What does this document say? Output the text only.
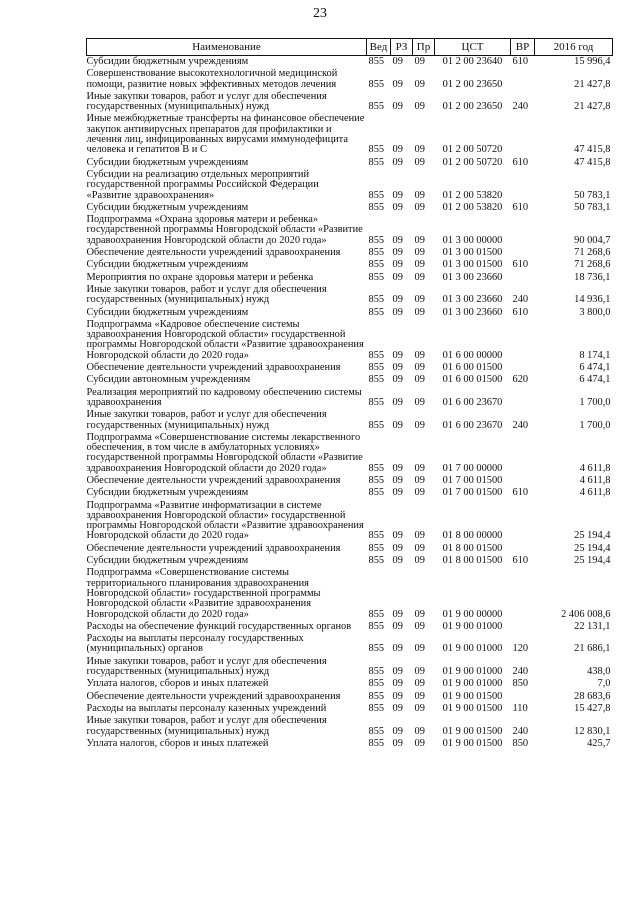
23
Наименование	Вед	РЗ	Пр	ЦСТ	ВР	2016 год
Субсидии бюджетным учреждениям	855	09	09	01 2 00 23640	610	15 996,4
Совершенствование высокотехнологичной медицинской помощи, развитие новых эффективных методов лечения	855	09	09	01 2 00 23650		21 427,8
Иные закупки товаров, работ и услуг для обеспечения государственных (муниципальных) нужд	855	09	09	01 2 00 23650	240	21 427,8
Иные межбюджетные трансферты на финансовое обеспечение закупок антивирусных препаратов для профилактики и лечения лиц, инфицированных вирусами иммунодефицита человека и гепатитов В и С	855	09	09	01 2 00 50720		47 415,8
Субсидии бюджетным учреждениям	855	09	09	01 2 00 50720	610	47 415,8
Субсидии на реализацию отдельных мероприятий государственной программы Российской Федерации «Развитие здравоохранения»	855	09	09	01 2 00 53820		50 783,1
Субсидии бюджетным учреждениям	855	09	09	01 2 00 53820	610	50 783,1
Подпрограмма «Охрана здоровья матери и ребенка» государственной программы Новгородской области «Развитие здравоохранения Новгородской области до 2020 года»	855	09	09	01 3 00 00000		90 004,7
Обеспечение деятельности учреждений здравоохранения	855	09	09	01 3 00 01500		71 268,6
Субсидии бюджетным учреждениям	855	09	09	01 3 00 01500	610	71 268,6
Мероприятия по охране здоровья матери и ребенка	855	09	09	01 3 00 23660		18 736,1
Иные закупки товаров, работ и услуг для обеспечения государственных (муниципальных) нужд	855	09	09	01 3 00 23660	240	14 936,1
Субсидии бюджетным учреждениям	855	09	09	01 3 00 23660	610	3 800,0
Подпрограмма «Кадровое обеспечение системы здравоохранения Новгородской области» государственной программы Новгородской области «Развитие здравоохранения Новгородской области до 2020 года»	855	09	09	01 6 00 00000		8 174,1
Обеспечение деятельности учреждений здравоохранения	855	09	09	01 6 00 01500		6 474,1
Субсидии автономным учреждениям	855	09	09	01 6 00 01500	620	6 474,1
Реализация мероприятий по кадровому обеспечению системы здравоохранения	855	09	09	01 6 00 23670		1 700,0
Иные закупки товаров, работ и услуг для обеспечения государственных (муниципальных) нужд	855	09	09	01 6 00 23670	240	1 700,0
Подпрограмма «Совершенствование системы лекарственного обеспечения, в том числе в амбулаторных условиях» государственной программы Новгородской области «Развитие здравоохранения Новгородской области до 2020 года»	855	09	09	01 7 00 00000		4 611,8
Обеспечение деятельности учреждений здравоохранения	855	09	09	01 7 00 01500		4 611,8
Субсидии бюджетным учреждениям	855	09	09	01 7 00 01500	610	4 611,8
Подпрограмма «Развитие информатизации в системе здравоохранения Новгородской области» государственной программы Новгородской области «Развитие здравоохранения Новгородской области до 2020 года»	855	09	09	01 8 00 00000		25 194,4
Обеспечение деятельности учреждений здравоохранения	855	09	09	01 8 00 01500		25 194,4
Субсидии бюджетным учреждениям	855	09	09	01 8 00 01500	610	25 194,4
Подпрограмма «Совершенствование системы территориального планирования здравоохранения Новгородской области» государственной программы Новгородской области «Развитие здравоохранения Новгородской области до 2020 года»	855	09	09	01 9 00 00000		2 406 008,6
Расходы на обеспечение функций государственных органов	855	09	09	01 9 00 01000		22 131,1
Расходы на выплаты персоналу государственных (муниципальных) органов	855	09	09	01 9 00 01000	120	21 686,1
Иные закупки товаров, работ и услуг для обеспечения государственных (муниципальных) нужд	855	09	09	01 9 00 01000	240	438,0
Уплата налогов, сборов и иных платежей	855	09	09	01 9 00 01000	850	7,0
Обеспечение деятельности учреждений здравоохранения	855	09	09	01 9 00 01500		28 683,6
Расходы на выплаты персоналу казенных учреждений	855	09	09	01 9 00 01500	110	15 427,8
Иные закупки товаров, работ и услуг для обеспечения государственных (муниципальных) нужд	855	09	09	01 9 00 01500	240	12 830,1
Уплата налогов, сборов и иных платежей	855	09	09	01 9 00 01500	850	425,7
